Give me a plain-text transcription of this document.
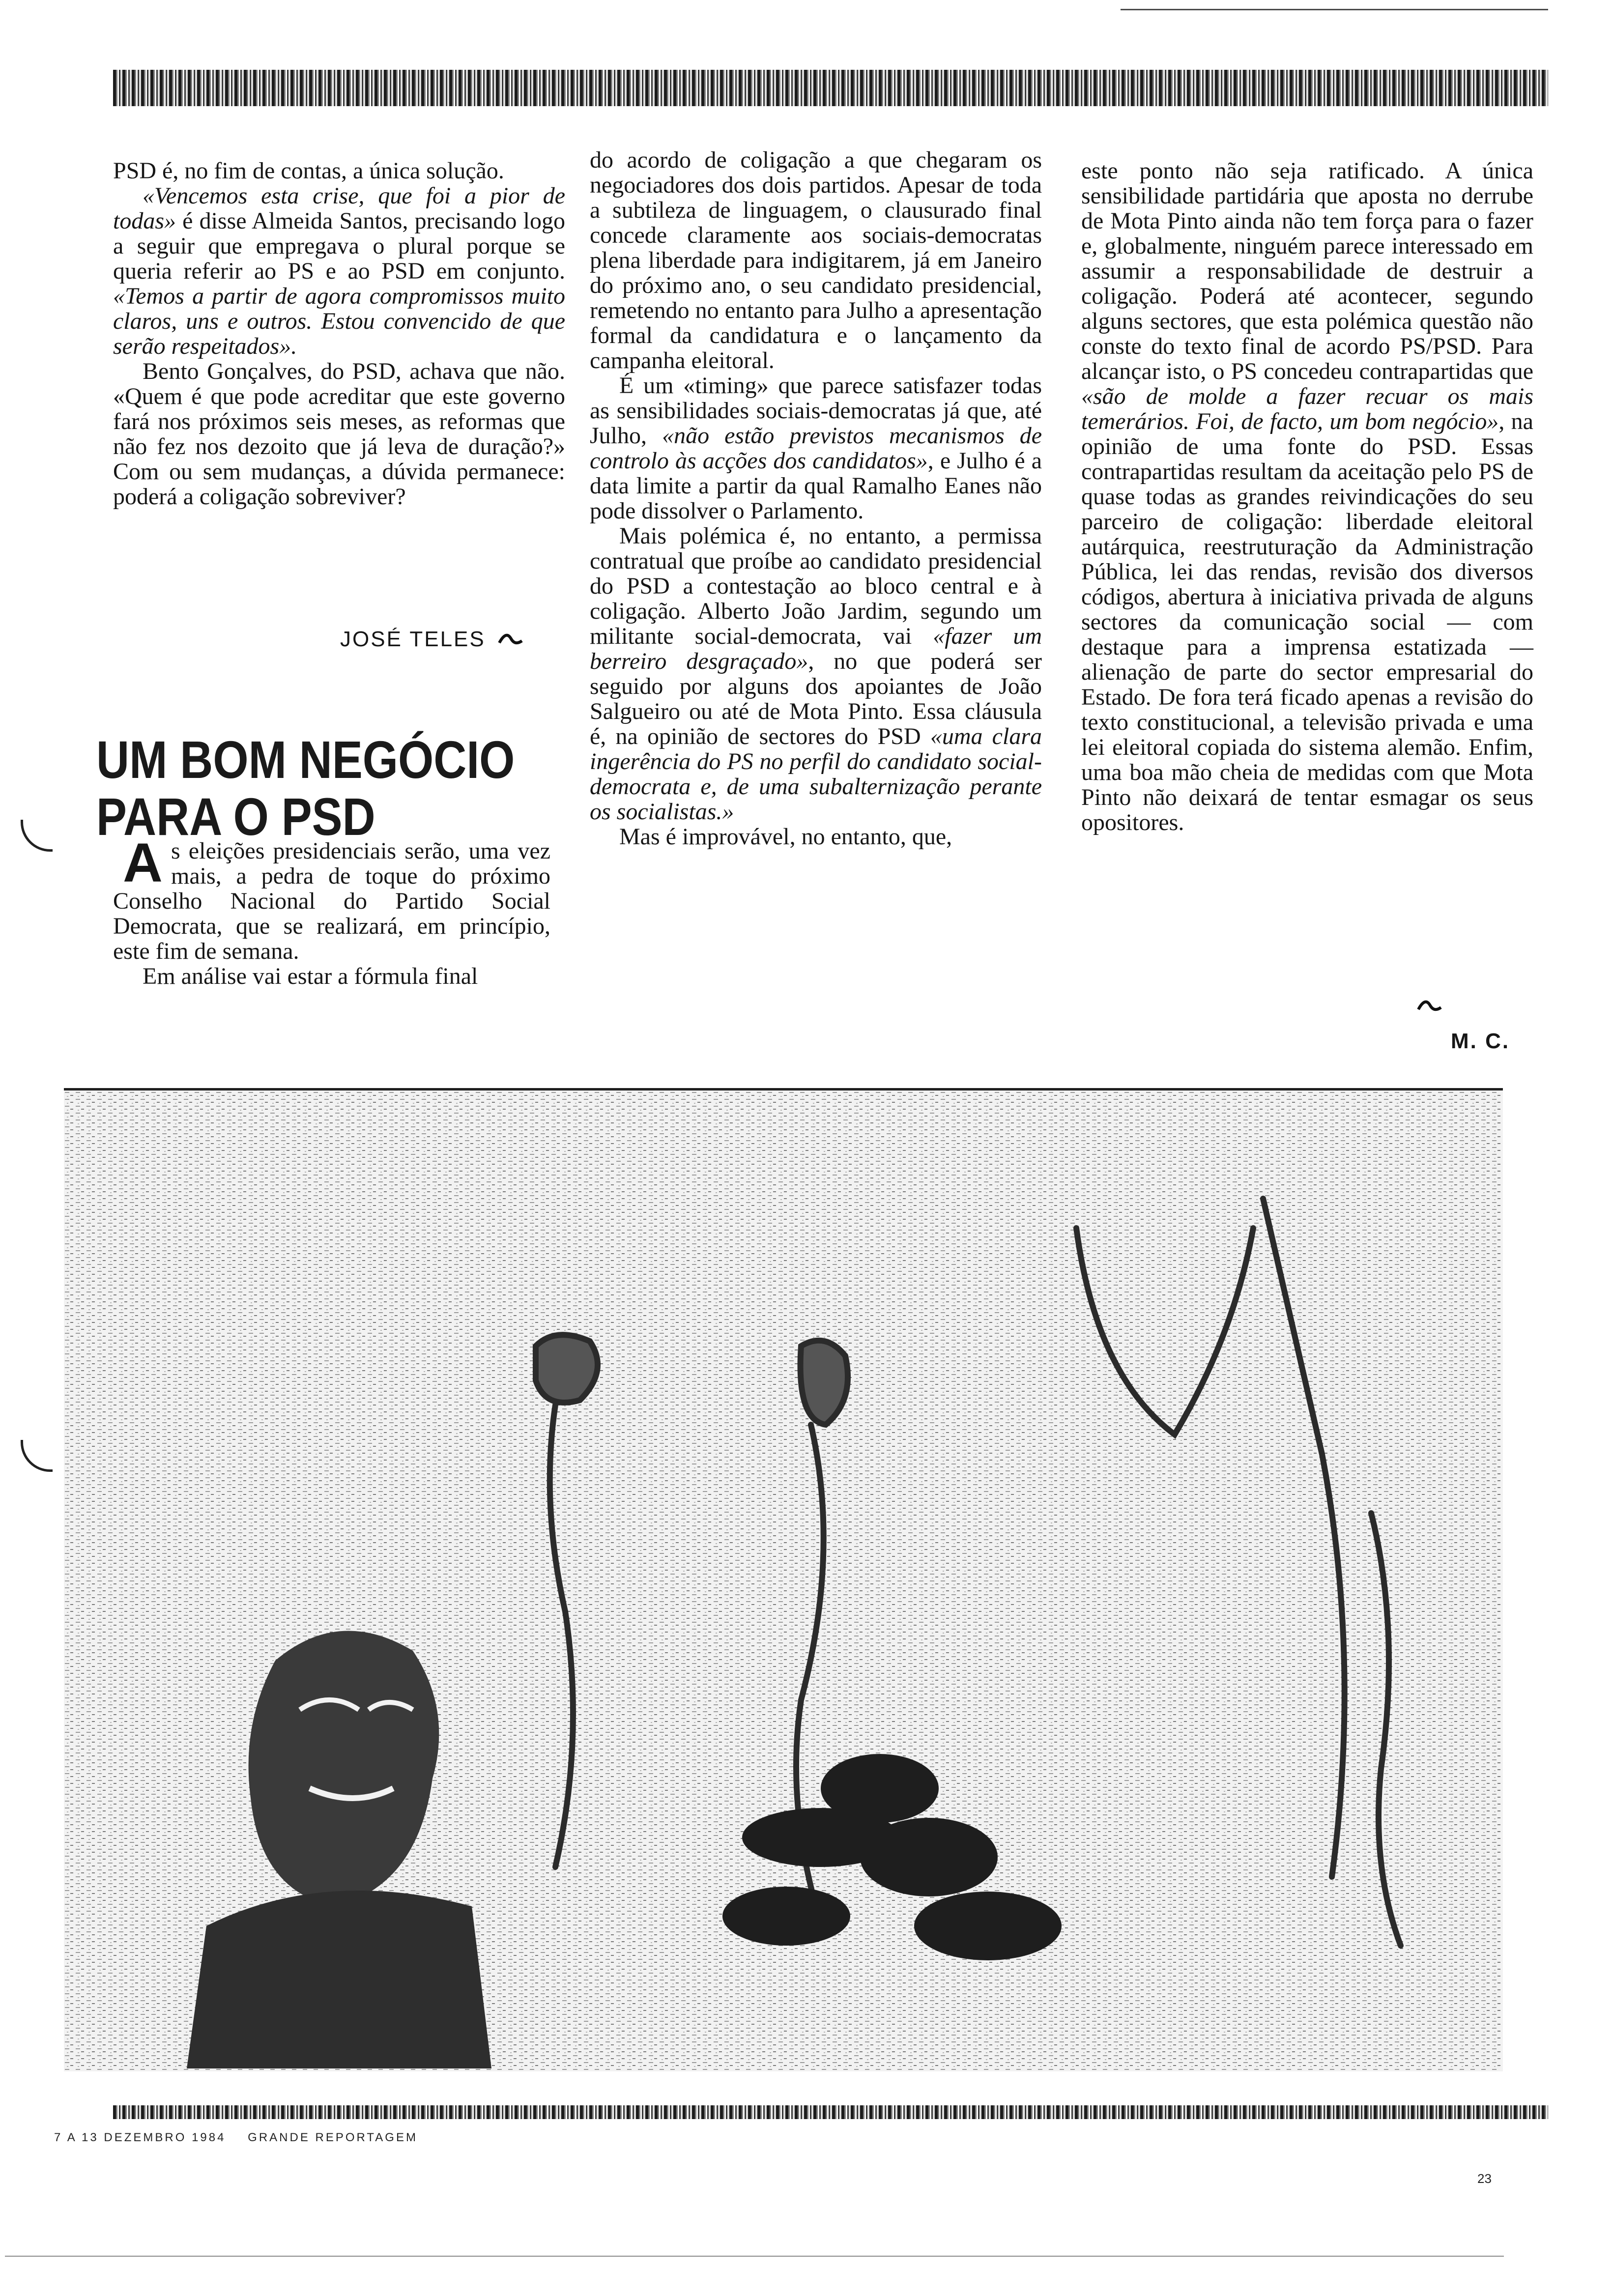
PSD é, no fim de contas, a única solução.

«Vencemos esta crise, que foi a pior de todas» é disse Almeida Santos, precisando logo a seguir que empregava o plural porque se queria referir ao PS e ao PSD em conjunto. «Temos a partir de agora compromissos muito claros, uns e outros. Estou convencido de que serão respeitados».

Bento Gonçalves, do PSD, achava que não. «Quem é que pode acreditar que este governo fará nos próximos seis meses, as reformas que não fez nos dezoito que já leva de duração?» Com ou sem mudanças, a dúvida permanece: poderá a coligação sobreviver?

JOSÉ TELES
UM BOM NEGÓCIO
PARA O PSD

As eleições presidenciais serão, uma vez mais, a pedra de toque do próximo Conselho Nacional do Partido Social Democrata, que se realizará, em princípio, este fim de semana.

Em análise vai estar a fórmula final

do acordo de coligação a que chegaram os negociadores dos dois partidos. Apesar de toda a subtileza de linguagem, o clausurado final concede claramente aos sociais-democratas plena liberdade para indigitarem, já em Janeiro do próximo ano, o seu candidato presidencial, remetendo no entanto para Julho a apresentação formal da candidatura e o lançamento da campanha eleitoral.

É um «timing» que parece satisfazer todas as sensibilidades sociais-democratas já que, até Julho, «não estão previstos mecanismos de controlo às acções dos candidatos», e Julho é a data limite a partir da qual Ramalho Eanes não pode dissolver o Parlamento.

Mais polémica é, no entanto, a permissa contratual que proíbe ao candidato presidencial do PSD a contestação ao bloco central e à coligação. Alberto João Jardim, segundo um militante social-democrata, vai «fazer um berreiro desgraçado», no que poderá ser seguido por alguns dos apoiantes de João Salgueiro ou até de Mota Pinto. Essa cláusula é, na opinião de sectores do PSD «uma clara ingerência do PS no perfil do candidato social-democrata e, de uma subalternização perante os socialistas.»

Mas é improvável, no entanto, que,

este ponto não seja ratificado. A única sensibilidade partidária que aposta no derrube de Mota Pinto ainda não tem força para o fazer e, globalmente, ninguém parece interessado em assumir a responsabilidade de destruir a coligação. Poderá até acontecer, segundo alguns sectores, que esta polémica questão não conste do texto final de acordo PS/PSD. Para alcançar isto, o PS concedeu contrapartidas que «são de molde a fazer recuar os mais temerários. Foi, de facto, um bom negócio», na opinião de uma fonte do PSD. Essas contrapartidas resultam da aceitação pelo PS de quase todas as grandes reivindicações do seu parceiro de coligação: liberdade eleitoral autárquica, reestruturação da Administração Pública, lei das rendas, revisão dos diversos códigos, abertura à iniciativa privada de alguns sectores da comunicação social — com destaque para a imprensa estatizada — alienação de parte do sector empresarial do Estado. De fora terá ficado apenas a revisão do texto constitucional, a televisão privada e uma lei eleitoral copiada do sistema alemão. Enfim, uma boa mão cheia de medidas com que Mota Pinto não deixará de tentar esmagar os seus opositores.

M. C.
7 A 13 DEZEMBRO 1984 GRANDE REPORTAGEM
23
